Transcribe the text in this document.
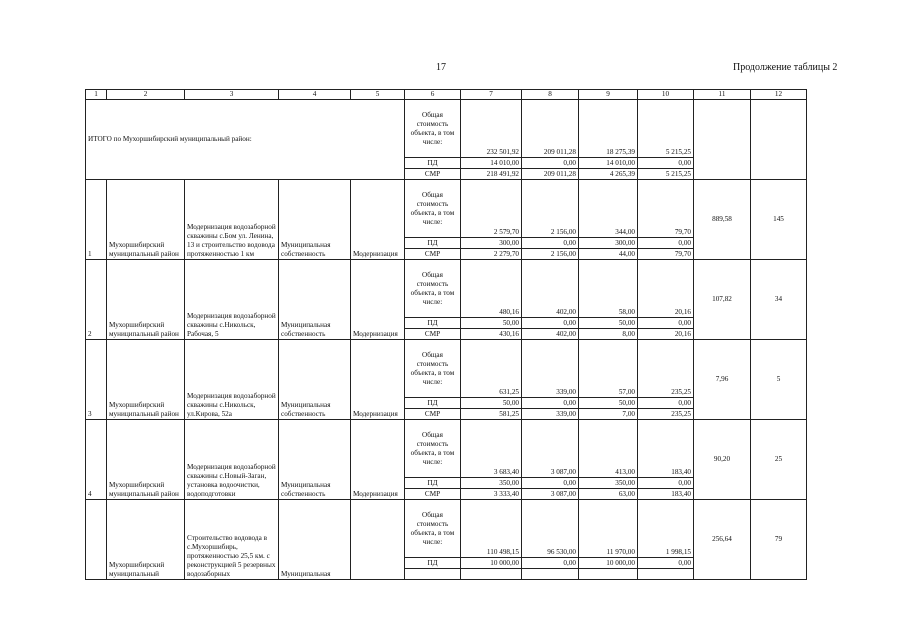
17	Продолжение таблицы 2
1	2	3	4	5	6	7	8	9	10	11	12
ИТОГО по Мухоршибирский муниципальный район:					Общая стоимость объекта, в том числе:	232 501,92	209 011,28	18 275,39	5 215,25		
					ПД	14 010,00	0,00	14 010,00	0,00		
					СМР	218 491,92	209 011,28	4 265,39	5 215,25		
1	Мухоршибирский муниципальный район	Модернизация водозаборной скважины с.Бом ул. Ленина, 13 и строительство водовода протяженностью 1 км	Муниципальная собственность	Модернизация	Общая стоимость объекта, в том числе:	2 579,70	2 156,00	344,00	79,70	889,58	145
					ПД	300,00	0,00	300,00	0,00		
					СМР	2 279,70	2 156,00	44,00	79,70		
2	Мухоршибирский муниципальный район	Модернизация водозаборной скважины с.Никольск, Рабочая, 5	Муниципальная собственность	Модернизация	Общая стоимость объекта, в том числе:	480,16	402,00	58,00	20,16	107,82	34
					ПД	50,00	0,00	50,00	0,00		
					СМР	430,16	402,00	8,00	20,16		
3	Мухоршибирский муниципальный район	Модернизация водозаборной скважины с.Никольск, ул.Кирова, 52а	Муниципальная собственность	Модернизация	Общая стоимость объекта, в том числе:	631,25	339,00	57,00	235,25	7,96	5
					ПД	50,00	0,00	50,00	0,00		
					СМР	581,25	339,00	7,00	235,25		
4	Мухоршибирский муниципальный район	Модернизация водозаборной скважины с.Новый-Заган, установка водоочистки, водоподготовки	Муниципальная собственность	Модернизация	Общая стоимость объекта, в том числе:	3 683,40	3 087,00	413,00	183,40	90,20	25
					ПД	350,00	0,00	350,00	0,00		
					СМР	3 333,40	3 087,00	63,00	183,40		
	Мухоршибирский муниципальный	Строительство водовода в с.Мухоршибирь, протяженностью 25,5 км. с реконструкцией 5 резервных водозаборных	Муниципальная		Общая стоимость объекта, в том числе:	110 498,15	96 530,00	11 970,00	1 998,15	256,64	79
					ПД	10 000,00	0,00	10 000,00	0,00		
